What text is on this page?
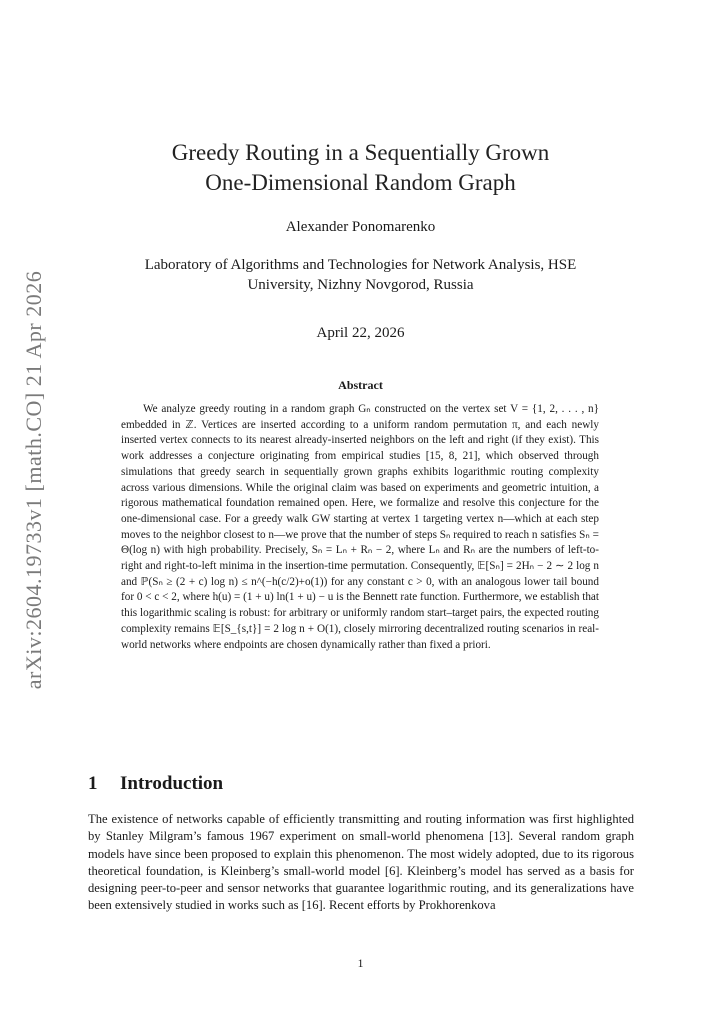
arXiv:2604.19733v1 [math.CO] 21 Apr 2026
Greedy Routing in a Sequentially Grown
One-Dimensional Random Graph
Alexander Ponomarenko
Laboratory of Algorithms and Technologies for Network Analysis, HSE
University, Nizhny Novgorod, Russia
April 22, 2026
Abstract

We analyze greedy routing in a random graph Gₙ constructed on the vertex set V = {1, 2, . . . , n} embedded in ℤ. Vertices are inserted according to a uniform random permutation π, and each newly inserted vertex connects to its nearest already-inserted neighbors on the left and right (if they exist). This work addresses a conjecture originating from empirical studies [15, 8, 21], which observed through simulations that greedy search in sequentially grown graphs exhibits logarithmic routing complexity across various dimensions. While the original claim was based on experiments and geometric intuition, a rigorous mathematical foundation remained open. Here, we formalize and resolve this conjecture for the one-dimensional case. For a greedy walk GW starting at vertex 1 targeting vertex n—which at each step moves to the neighbor closest to n—we prove that the number of steps Sₙ required to reach n satisfies Sₙ = Θ(log n) with high probability. Precisely, Sₙ = Lₙ + Rₙ − 2, where Lₙ and Rₙ are the numbers of left-to-right and right-to-left minima in the insertion-time permutation. Consequently, 𝔼[Sₙ] = 2Hₙ − 2 ∼ 2 log n and ℙ(Sₙ ≥ (2 + c) log n) ≤ n^(−h(c/2)+o(1)) for any constant c > 0, with an analogous lower tail bound for 0 < c < 2, where h(u) = (1 + u) ln(1 + u) − u is the Bennett rate function. Furthermore, we establish that this logarithmic scaling is robust: for arbitrary or uniformly random start–target pairs, the expected routing complexity remains 𝔼[S_{s,t}] = 2 log n + O(1), closely mirroring decentralized routing scenarios in real-world networks where endpoints are chosen dynamically rather than fixed a priori.

1 Introduction

The existence of networks capable of efficiently transmitting and routing information was first highlighted by Stanley Milgram’s famous 1967 experiment on small-world phenomena [13]. Several random graph models have since been proposed to explain this phenomenon. The most widely adopted, due to its rigorous theoretical foundation, is Kleinberg’s small-world model [6]. Kleinberg’s model has served as a basis for designing peer-to-peer and sensor networks that guarantee logarithmic routing, and its generalizations have been extensively studied in works such as [16]. Recent efforts by Prokhorenkova

1
